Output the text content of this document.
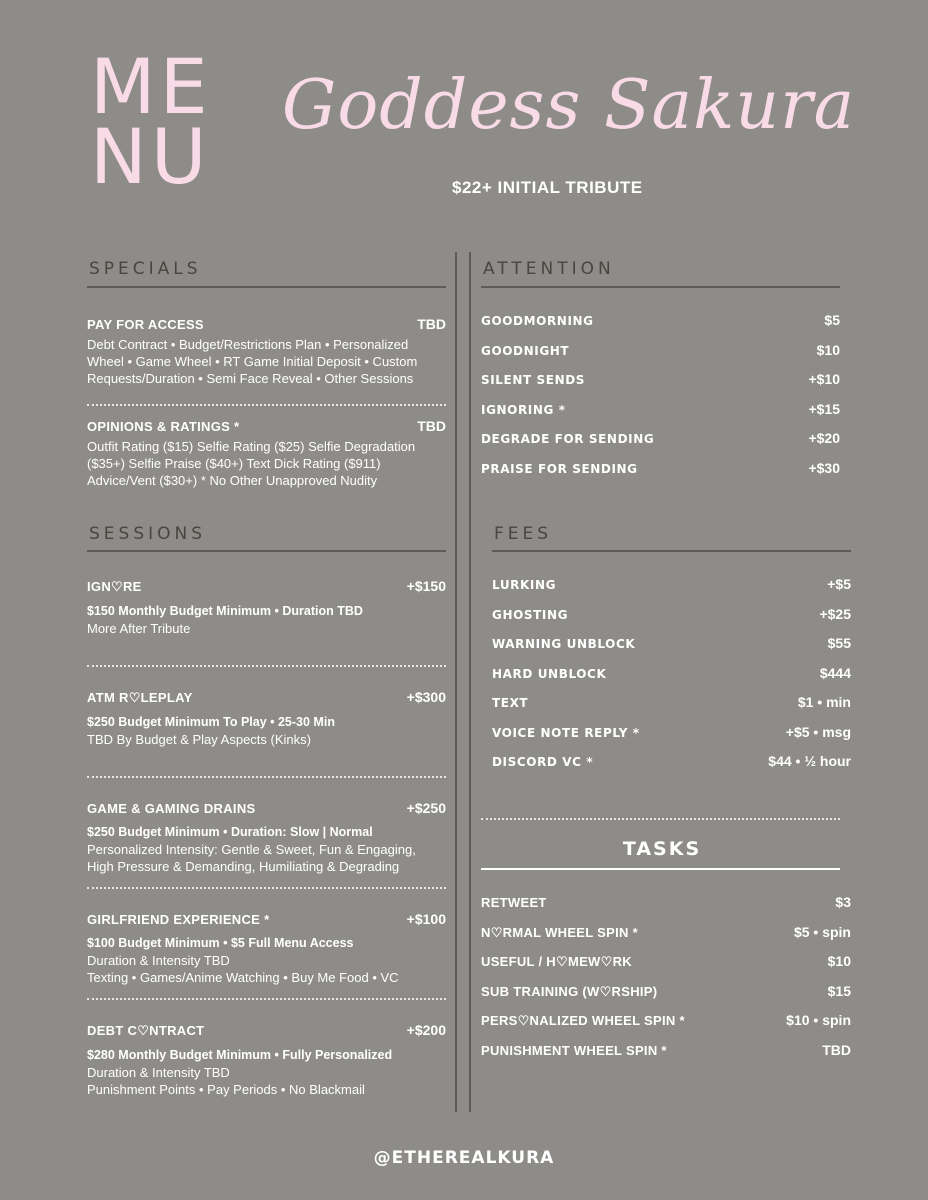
ME
NU
Goddess Sakura
$22+ INITIAL TRIBUTE
SPECIALS
PAY FOR ACCESS	TBD
Debt Contract • Budget/Restrictions Plan • Personalized
Wheel • Game Wheel • RT Game Initial Deposit • Custom
Requests/Duration • Semi Face Reveal • Other Sessions
OPINIONS & RATINGS *	TBD
Outfit Rating ($15) Selfie Rating ($25) Selfie Degradation
($35+) Selfie Praise ($40+) Text Dick Rating ($911)
Advice/Vent ($30+) * No Other Unapproved Nudity
SESSIONS
IGN♡RE	+$150
$150 Monthly Budget Minimum • Duration TBD
More After Tribute
ATM R♡LEPLAY	+$300
$250 Budget Minimum To Play • 25-30 Min
TBD By Budget & Play Aspects (Kinks)
GAME & GAMING DRAINS	+$250
$250 Budget Minimum • Duration: Slow | Normal
Personalized Intensity: Gentle & Sweet, Fun & Engaging,
High Pressure & Demanding, Humiliating & Degrading
GIRLFRIEND EXPERIENCE *	+$100
$100 Budget Minimum • $5 Full Menu Access
Duration & Intensity TBD
Texting • Games/Anime Watching • Buy Me Food • VC
DEBT C♡NTRACT	+$200
$280 Monthly Budget Minimum • Fully Personalized
Duration & Intensity TBD
Punishment Points • Pay Periods • No Blackmail
ATTENTION
GOODMORNING	$5
GOODNIGHT	$10
SILENT SENDS	+$10
IGNORING *	+$15
DEGRADE FOR SENDING	+$20
PRAISE FOR SENDING	+$30
FEES
LURKING	+$5
GHOSTING	+$25
WARNING UNBLOCK	$55
HARD UNBLOCK	$444
TEXT	$1 • min
VOICE NOTE REPLY *	+$5 • msg
DISCORD VC *	$44 • ½ hour
TASKS
RETWEET	$3
N♡RMAL WHEEL SPIN *	$5 • spin
USEFUL / H♡MEW♡RK	$10
SUB TRAINING (W♡RSHIP)	$15
PERS♡NALIZED WHEEL SPIN *	$10 • spin
PUNISHMENT WHEEL SPIN *	TBD
@ETHEREALKURA
